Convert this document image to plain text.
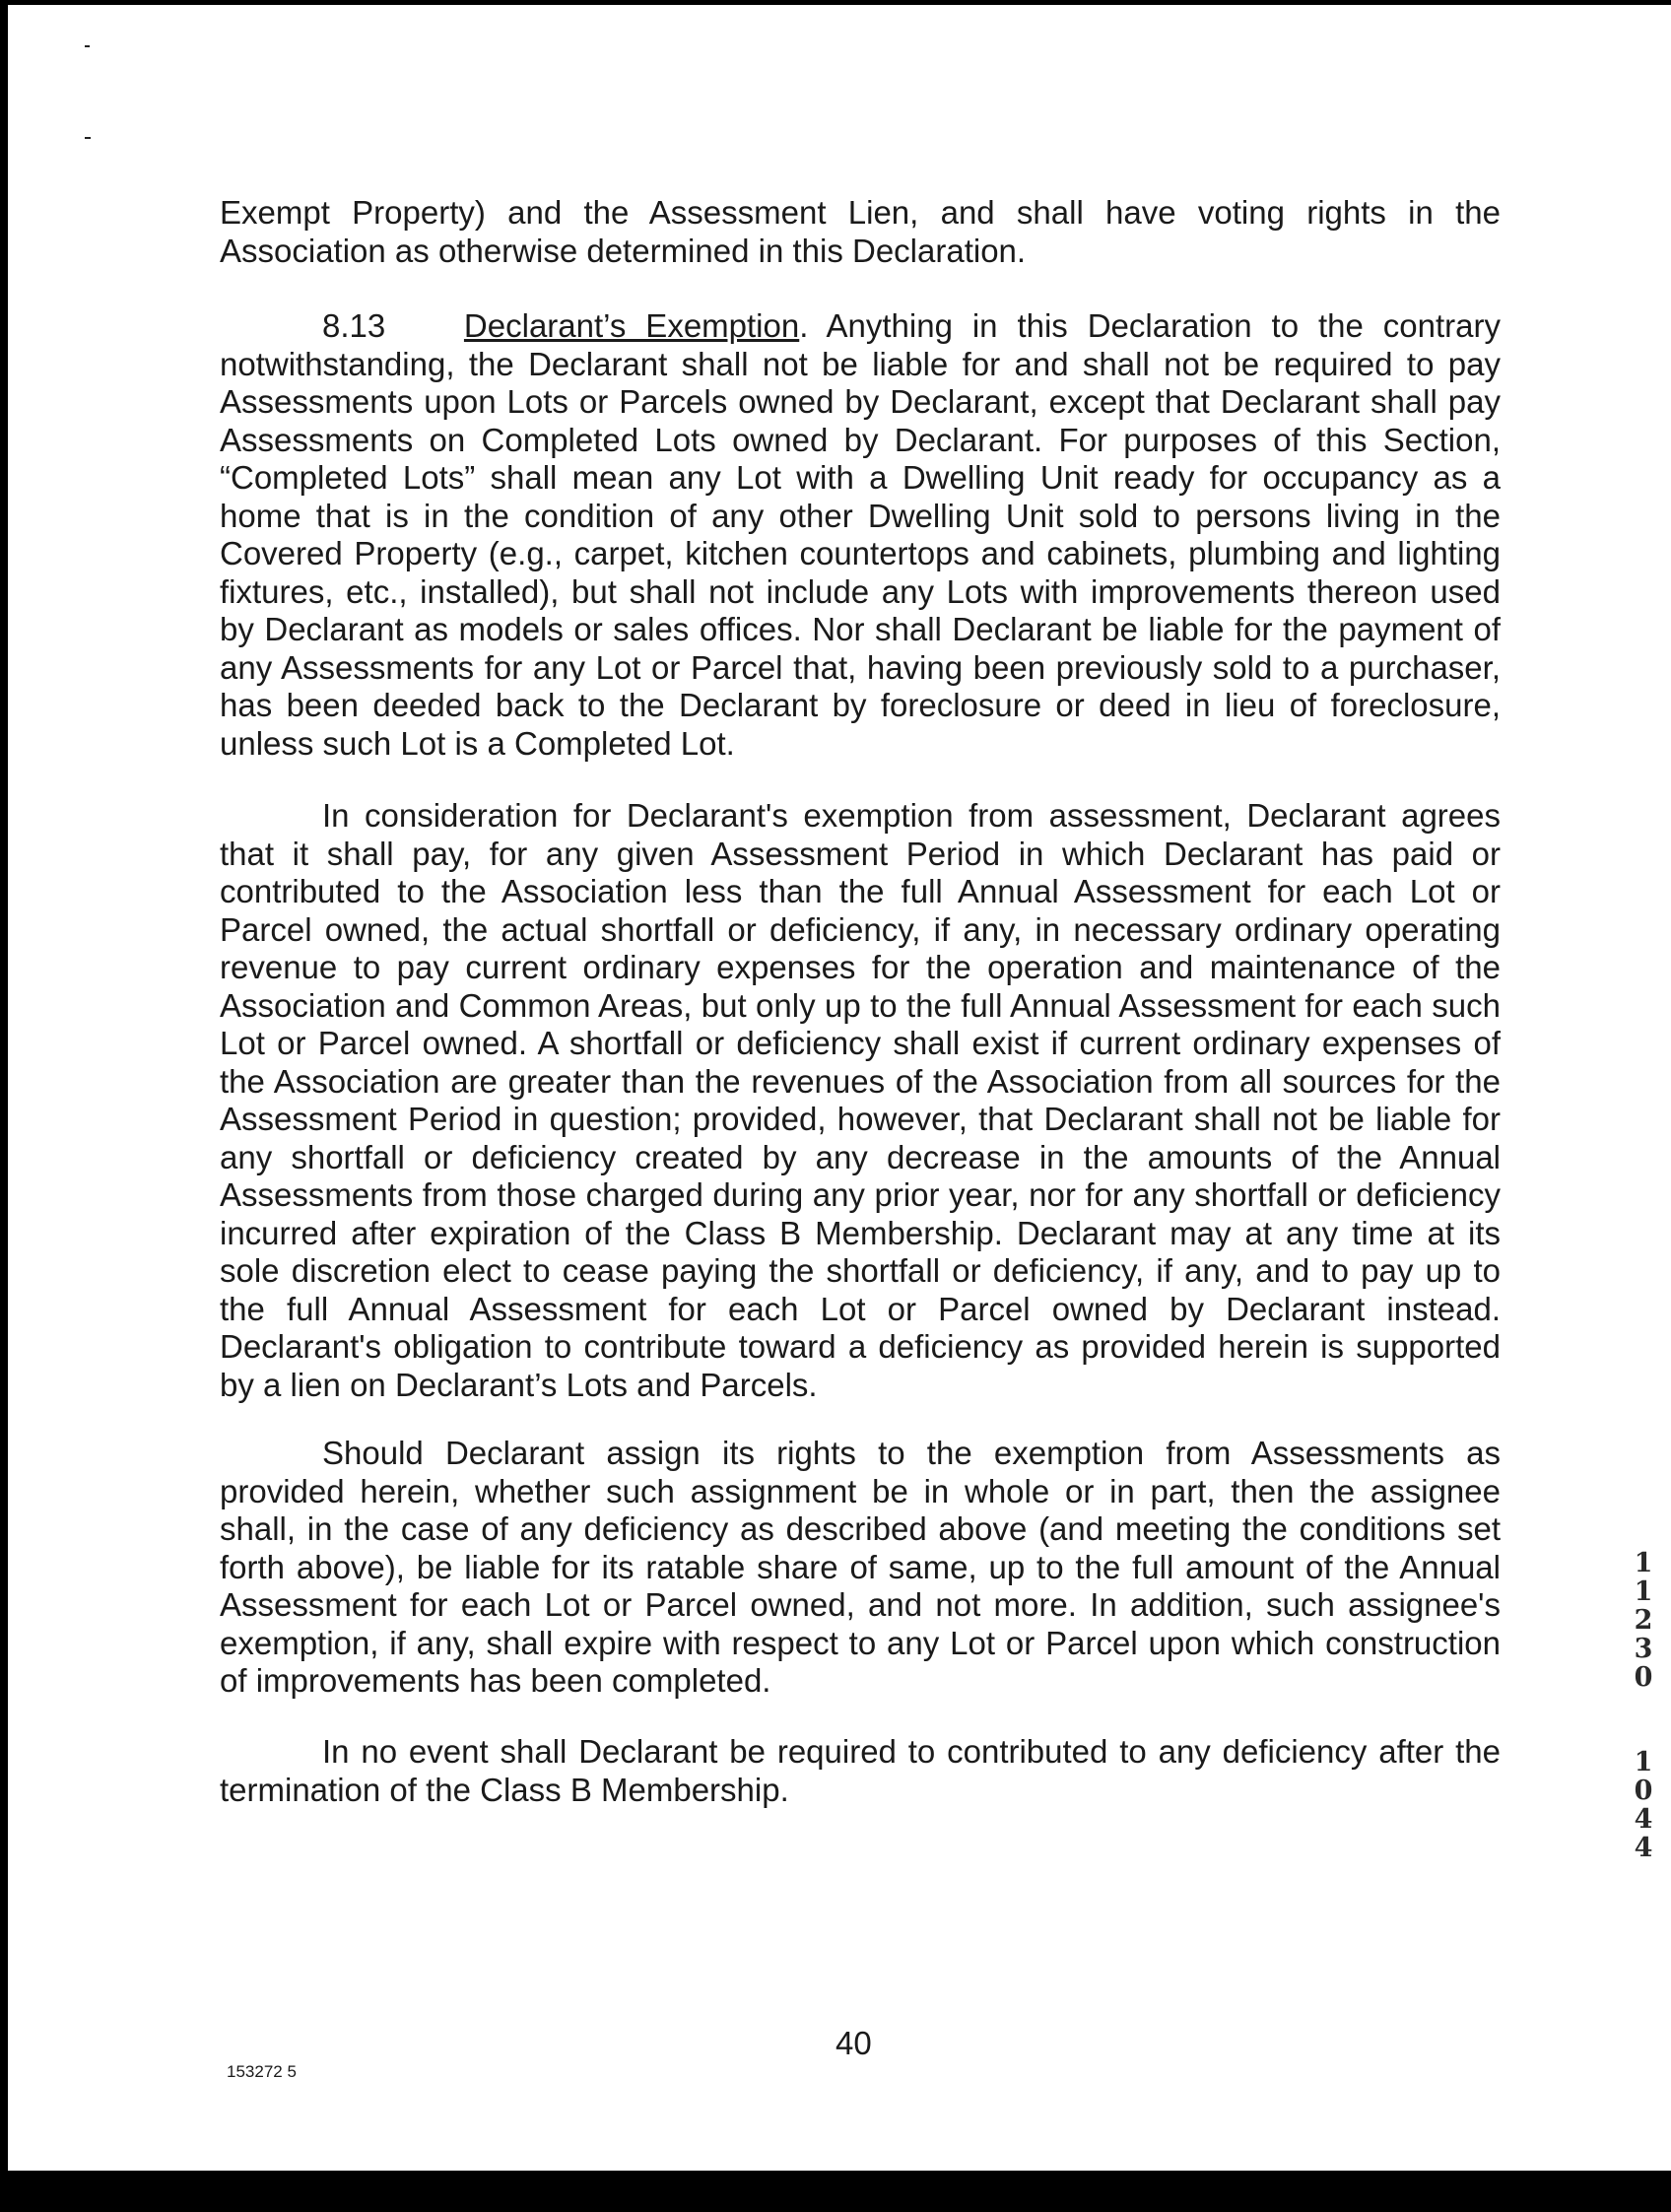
Exempt Property) and the Assessment Lien, and shall have voting rights in the Association as otherwise determined in this Declaration.

8.13 Declarant’s Exemption. Anything in this Declaration to the contrary notwithstanding, the Declarant shall not be liable for and shall not be required to pay Assessments upon Lots or Parcels owned by Declarant, except that Declarant shall pay Assessments on Completed Lots owned by Declarant. For purposes of this Section, “Completed Lots” shall mean any Lot with a Dwelling Unit ready for occupancy as a home that is in the condition of any other Dwelling Unit sold to persons living in the Covered Property (e.g., carpet, kitchen countertops and cabinets, plumbing and lighting fixtures, etc., installed), but shall not include any Lots with improvements thereon used by Declarant as models or sales offices. Nor shall Declarant be liable for the payment of any Assessments for any Lot or Parcel that, having been previously sold to a purchaser, has been deeded back to the Declarant by foreclosure or deed in lieu of foreclosure, unless such Lot is a Completed Lot.

In consideration for Declarant's exemption from assessment, Declarant agrees that it shall pay, for any given Assessment Period in which Declarant has paid or contributed to the Association less than the full Annual Assessment for each Lot or Parcel owned, the actual shortfall or deficiency, if any, in necessary ordinary operating revenue to pay current ordinary expenses for the operation and maintenance of the Association and Common Areas, but only up to the full Annual Assessment for each such Lot or Parcel owned. A shortfall or deficiency shall exist if current ordinary expenses of the Association are greater than the revenues of the Association from all sources for the Assessment Period in question; provided, however, that Declarant shall not be liable for any shortfall or deficiency created by any decrease in the amounts of the Annual Assessments from those charged during any prior year, nor for any shortfall or deficiency incurred after expiration of the Class B Membership. Declarant may at any time at its sole discretion elect to cease paying the shortfall or deficiency, if any, and to pay up to the full Annual Assessment for each Lot or Parcel owned by Declarant instead. Declarant's obligation to contribute toward a deficiency as provided herein is supported by a lien on Declarant’s Lots and Parcels.

Should Declarant assign its rights to the exemption from Assessments as provided herein, whether such assignment be in whole or in part, then the assignee shall, in the case of any deficiency as described above (and meeting the conditions set forth above), be liable for its ratable share of same, up to the full amount of the Annual Assessment for each Lot or Parcel owned, and not more. In addition, such assignee's exemption, if any, shall expire with respect to any Lot or Parcel upon which construction of improvements has been completed.

In no event shall Declarant be required to contributed to any deficiency after the termination of the Class B Membership.

40
153272 5
1
1
2
3
0
1
0
4
4
